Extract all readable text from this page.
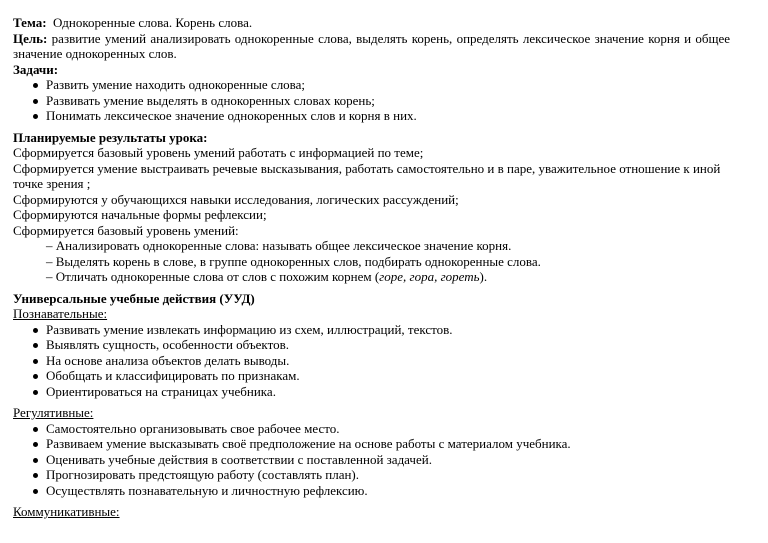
Тема: Однокоренные слова. Корень слова.

Цель: развитие умений анализировать однокоренные слова, выделять корень, определять лексическое значение корня и общее значение однокоренных слов.

Задачи:

Развить умение находить однокоренные слова;
Развивать умение выделять в однокоренных словах корень;
Понимать лексическое значение однокоренных слов и корня в них.

Планируемые результаты урока:

Сформируется базовый уровень умений работать с информацией по теме;

Сформируется умение выстраивать речевые высказывания, работать самостоятельно и в паре, уважительное отношение к иной точке зрения ;

Сформируются у обучающихся навыки исследования, логических рассуждений;

Сформируются начальные формы рефлексии;

Сформируется базовый уровень умений:

– Анализировать однокоренные слова: называть общее лексическое значение корня.

– Выделять корень в слове, в группе однокоренных слов, подбирать однокоренные слова.

– Отличать однокоренные слова от слов с похожим корнем (горе, гора, гореть).

Универсальные учебные действия (УУД)

Познавательные:

Развивать умение извлекать информацию из схем, иллюстраций, текстов.
Выявлять сущность, особенности объектов.
На основе анализа объектов делать выводы.
Обобщать и классифицировать по признакам.
Ориентироваться на страницах учебника.

Регулятивные:

Самостоятельно организовывать свое рабочее место.
Развиваем умение высказывать своё предположение на основе работы с материалом учебника.
Оценивать учебные действия в соответствии с поставленной задачей.
Прогнозировать предстоящую работу (составлять план).
Осуществлять познавательную и личностную рефлексию.

Коммуникативные:
